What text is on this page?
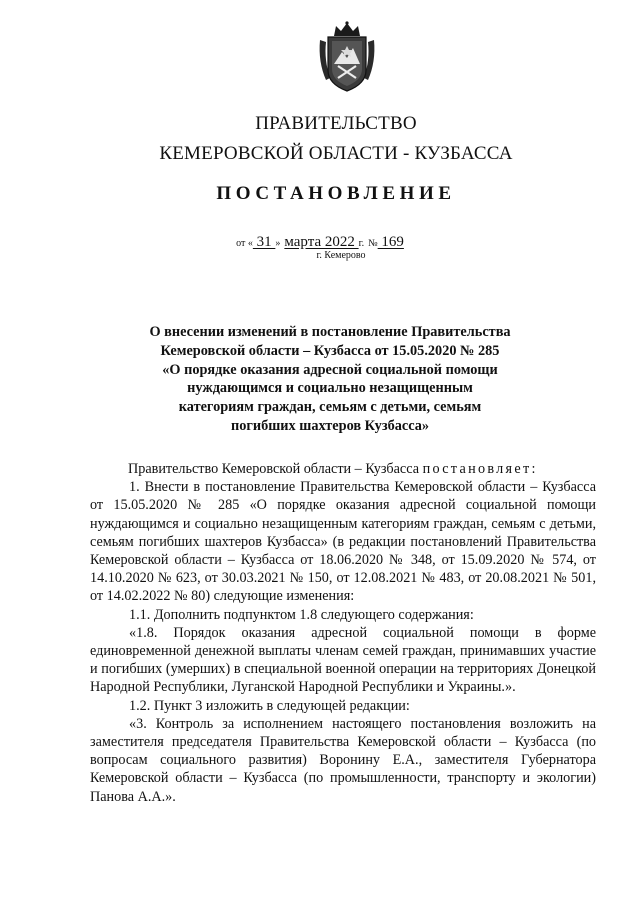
ПРАВИТЕЛЬСТВО
КЕМЕРОВСКОЙ ОБЛАСТИ - КУЗБАССА
ПОСТАНОВЛЕНИЕ
от « 31 » марта 2022 г. № 169
г. Кемерово
О внесении изменений в постановление Правительства
Кемеровской области – Кузбасса от 15.05.2020 № 285
«О порядке оказания адресной социальной помощи
нуждающимся и социально незащищенным
категориям граждан, семьям с детьми, семьям
погибших шахтеров Кузбасса»

Правительство Кемеровской области – Кузбасса постановляет:

1. Внести в постановление Правительства Кемеровской области – Кузбасса от 15.05.2020 № 285 «О порядке оказания адресной социальной помощи нуждающимся и социально незащищенным категориям граждан, семьям с детьми, семьям погибших шахтеров Кузбасса» (в редакции постановлений Правительства Кемеровской области – Кузбасса от 18.06.2020 № 348, от 15.09.2020 № 574, от 14.10.2020 № 623, от 30.03.2021 № 150, от 12.08.2021 № 483, от 20.08.2021 № 501, от 14.02.2022 № 80) следующие изменения:

1.1. Дополнить подпунктом 1.8 следующего содержания:

«1.8. Порядок оказания адресной социальной помощи в форме единовременной денежной выплаты членам семей граждан, принимавших участие и погибших (умерших) в специальной военной операции на территориях Донецкой Народной Республики, Луганской Народной Республики и Украины.».

1.2. Пункт 3 изложить в следующей редакции:

«3. Контроль за исполнением настоящего постановления возложить на заместителя председателя Правительства Кемеровской области – Кузбасса (по вопросам социального развития) Воронину Е.А., заместителя Губернатора Кемеровской области – Кузбасса (по промышленности, транспорту и экологии) Панова А.А.».
